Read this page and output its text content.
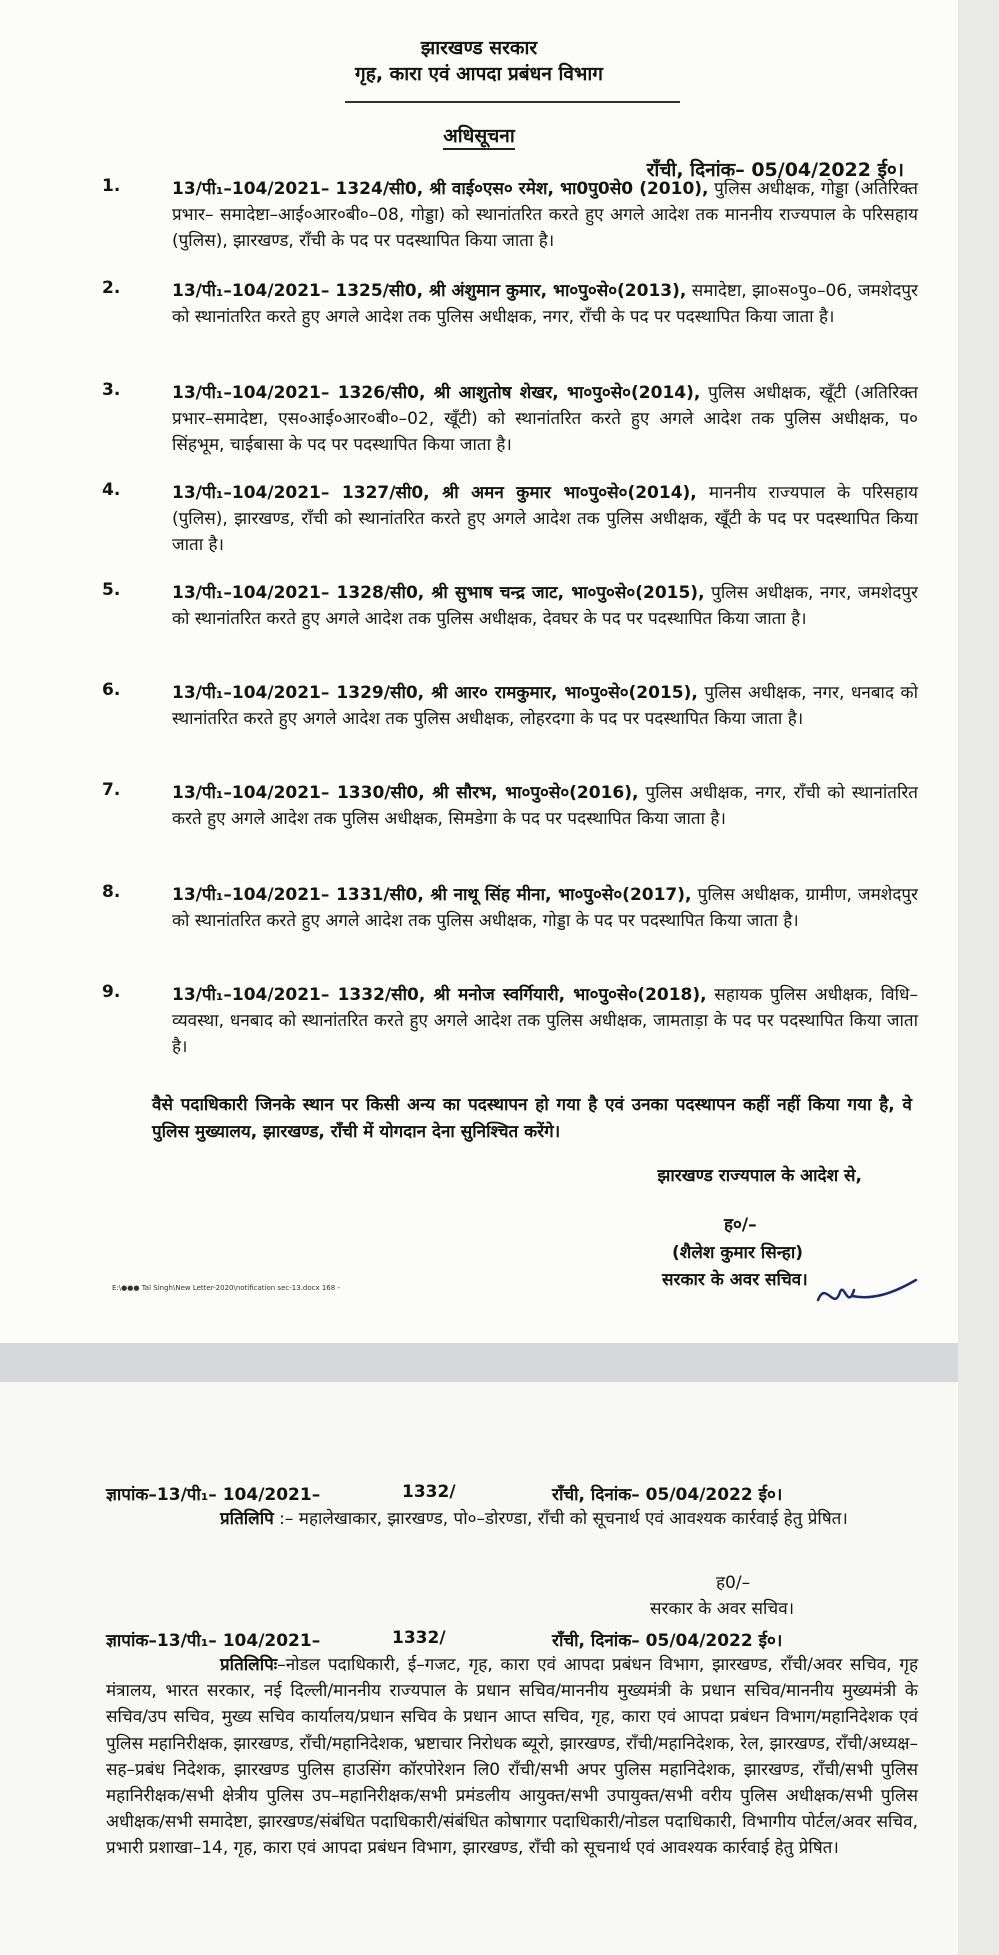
झारखण्ड सरकार
गृह, कारा एवं आपदा प्रबंधन विभाग
अधिसूचना
राँची, दिनांक– 05/04/2022 ई०।
1.	13/पी₁–104/2021– 1324/सी0, श्री वाई०एस० रमेश, भा0पु0से0 (2010), पुलिस अधीक्षक, गोड्डा (अतिरिक्त प्रभार– समादेष्टा–आई०आर०बी०–08, गोड्डा) को स्थानांतरित करते हुए अगले आदेश तक माननीय राज्यपाल के परिसहाय (पुलिस), झारखण्ड, राँची के पद पर पदस्थापित किया जाता है।
2.	13/पी₁–104/2021– 1325/सी0, श्री अंशुमान कुमार, भा०पु०से०(2013), समादेष्टा, झा०स०पु०–06, जमशेदपुर को स्थानांतरित करते हुए अगले आदेश तक पुलिस अधीक्षक, नगर, राँची के पद पर पदस्थापित किया जाता है।
3.	13/पी₁–104/2021– 1326/सी0, श्री आशुतोष शेखर, भा०पु०से०(2014), पुलिस अधीक्षक, खूँटी (अतिरिक्त प्रभार–समादेष्टा, एस०आई०आर०बी०–02, खूँटी) को स्थानांतरित करते हुए अगले आदेश तक पुलिस अधीक्षक, प० सिंहभूम, चाईबासा के पद पर पदस्थापित किया जाता है।
4.	13/पी₁–104/2021– 1327/सी0, श्री अमन कुमार भा०पु०से०(2014), माननीय राज्यपाल के परिसहाय (पुलिस), झारखण्ड, राँची को स्थानांतरित करते हुए अगले आदेश तक पुलिस अधीक्षक, खूँटी के पद पर पदस्थापित किया जाता है।
5.	13/पी₁–104/2021– 1328/सी0, श्री सुभाष चन्द्र जाट, भा०पु०से०(2015), पुलिस अधीक्षक, नगर, जमशेदपुर को स्थानांतरित करते हुए अगले आदेश तक पुलिस अधीक्षक, देवघर के पद पर पदस्थापित किया जाता है।
6.	13/पी₁–104/2021– 1329/सी0, श्री आर० रामकुमार, भा०पु०से०(2015), पुलिस अधीक्षक, नगर, धनबाद को स्थानांतरित करते हुए अगले आदेश तक पुलिस अधीक्षक, लोहरदगा के पद पर पदस्थापित किया जाता है।
7.	13/पी₁–104/2021– 1330/सी0, श्री सौरभ, भा०पु०से०(2016), पुलिस अधीक्षक, नगर, राँची को स्थानांतरित करते हुए अगले आदेश तक पुलिस अधीक्षक, सिमडेगा के पद पर पदस्थापित किया जाता है।
8.	13/पी₁–104/2021– 1331/सी0, श्री नाथू सिंह मीना, भा०पु०से०(2017), पुलिस अधीक्षक, ग्रामीण, जमशेदपुर को स्थानांतरित करते हुए अगले आदेश तक पुलिस अधीक्षक, गोड्डा के पद पर पदस्थापित किया जाता है।
9.	13/पी₁–104/2021– 1332/सी0, श्री मनोज स्वर्गियारी, भा०पु०से०(2018), सहायक पुलिस अधीक्षक, विधि–व्यवस्था, धनबाद को स्थानांतरित करते हुए अगले आदेश तक पुलिस अधीक्षक, जामताड़ा के पद पर पदस्थापित किया जाता है।
वैसे पदाधिकारी जिनके स्थान पर किसी अन्य का पदस्थापन हो गया है एवं उनका पदस्थापन कहीं नहीं किया गया है, वे पुलिस मुख्यालय, झारखण्ड, राँची में योगदान देना सुनिश्चित करेंगे।
झारखण्ड राज्यपाल के आदेश से,
ह०/–
(शैलेश कुमार सिन्हा)
सरकार के अवर सचिव।
E:\●●● Tal Singh\New Letter-2020\notification sec-13.docx 168 -
ज्ञापांक–13/पी₁– 104/2021–	1332/	राँची, दिनांक– 05/04/2022 ई०।
प्रतिलिपि :– महालेखाकार, झारखण्ड, पो०–डोरण्डा, राँची को सूचनार्थ एवं आवश्यक कार्रवाई हेतु प्रेषित।
ह0/–
सरकार के अवर सचिव।
ज्ञापांक–13/पी₁– 104/2021–	1332/	राँची, दिनांक– 05/04/2022 ई०।
प्रतिलिपिः–नोडल पदाधिकारी, ई–गजट, गृह, कारा एवं आपदा प्रबंधन विभाग, झारखण्ड, राँची/अवर सचिव, गृह मंत्रालय, भारत सरकार, नई दिल्ली/माननीय राज्यपाल के प्रधान सचिव/माननीय मुख्यमंत्री के प्रधान सचिव/माननीय मुख्यमंत्री के सचिव/उप सचिव, मुख्य सचिव कार्यालय/प्रधान सचिव के प्रधान आप्त सचिव, गृह, कारा एवं आपदा प्रबंधन विभाग/महानिदेशक एवं पुलिस महानिरीक्षक, झारखण्ड, राँची/महानिदेशक, भ्रष्टाचार निरोधक ब्यूरो, झारखण्ड, राँची/महानिदेशक, रेल, झारखण्ड, राँची/अध्यक्ष–सह–प्रबंध निदेशक, झारखण्ड पुलिस हाउसिंग कॉरपोरेशन लि0 राँची/सभी अपर पुलिस महानिदेशक, झारखण्ड, राँची/सभी पुलिस महानिरीक्षक/सभी क्षेत्रीय पुलिस उप–महानिरीक्षक/सभी प्रमंडलीय आयुक्त/सभी उपायुक्त/सभी वरीय पुलिस अधीक्षक/सभी पुलिस अधीक्षक/सभी समादेष्टा, झारखण्ड/संबंधित पदाधिकारी/संबंधित कोषागार पदाधिकारी/नोडल पदाधिकारी, विभागीय पोर्टल/अवर सचिव, प्रभारी प्रशाखा–14, गृह, कारा एवं आपदा प्रबंधन विभाग, झारखण्ड, राँची को सूचनार्थ एवं आवश्यक कार्रवाई हेतु प्रेषित।
